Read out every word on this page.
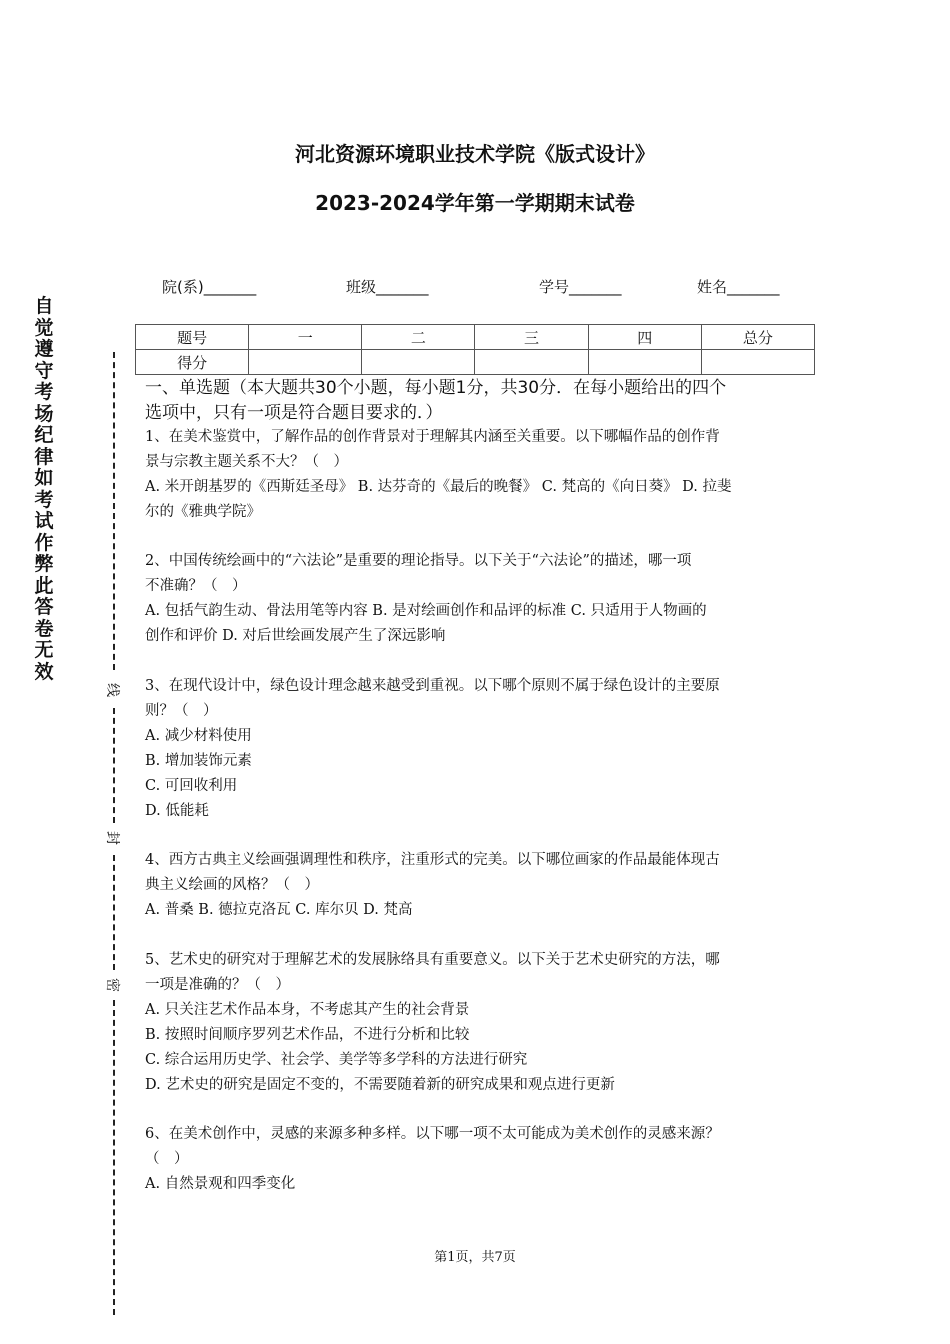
河北资源环境职业技术学院《版式设计》
2023-2024学年第一学期期末试卷
院(系)_______	班级_______	学号_______	姓名_______
题号	一	二	三	四	总分
得分					
一、单选题（本大题共30个小题，每小题1分，共30分．在每小题给出的四个
选项中，只有一项是符合题目要求的．）
1、在美术鉴赏中，了解作品的创作背景对于理解其内涵至关重要。以下哪幅作品的创作背
景与宗教主题关系不大？（　）
A. 米开朗基罗的《西斯廷圣母》 B. 达芬奇的《最后的晚餐》 C. 梵高的《向日葵》 D. 拉斐
尔的《雅典学院》
2、中国传统绘画中的“六法论”是重要的理论指导。以下关于“六法论”的描述，哪一项
不准确？（　）
A. 包括气韵生动、骨法用笔等内容 B. 是对绘画创作和品评的标准 C. 只适用于人物画的
创作和评价 D. 对后世绘画发展产生了深远影响
3、在现代设计中，绿色设计理念越来越受到重视。以下哪个原则不属于绿色设计的主要原
则？（　）
A. 减少材料使用
B. 增加装饰元素
C. 可回收利用
D. 低能耗
4、西方古典主义绘画强调理性和秩序，注重形式的完美。以下哪位画家的作品最能体现古
典主义绘画的风格？（　）
A. 普桑 B. 德拉克洛瓦 C. 库尔贝 D. 梵高
5、艺术史的研究对于理解艺术的发展脉络具有重要意义。以下关于艺术史研究的方法，哪
一项是准确的？（　）
A. 只关注艺术作品本身，不考虑其产生的社会背景
B. 按照时间顺序罗列艺术作品，不进行分析和比较
C. 综合运用历史学、社会学、美学等多学科的方法进行研究
D. 艺术史的研究是固定不变的，不需要随着新的研究成果和观点进行更新
6、在美术创作中，灵感的来源多种多样。以下哪一项不太可能成为美术创作的灵感来源？
（　）
A. 自然景观和四季变化
自觉遵守考场纪律如考试作弊此答卷无效
线
封
密
第1页，共7页
